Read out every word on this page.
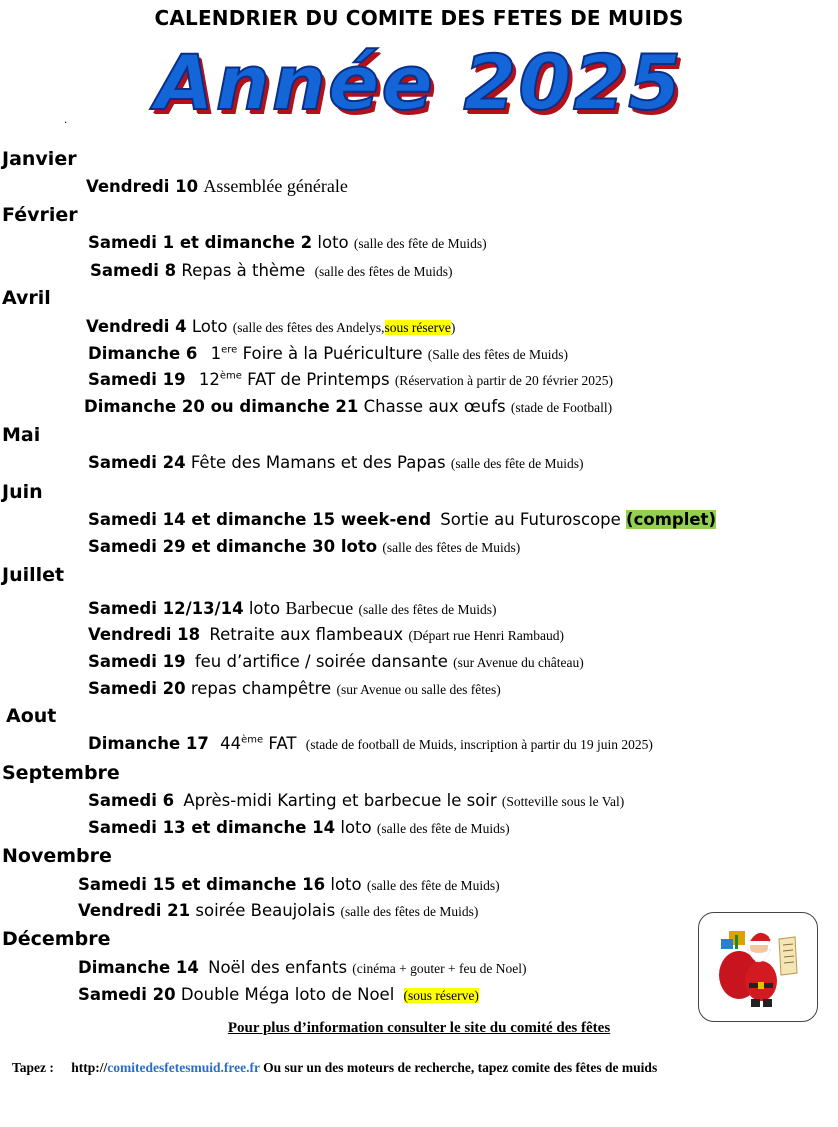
CALENDRIER DU COMITE DES FETES DE MUIDS
Année 2025
.
Janvier
Vendredi 10 Assemblée générale
Février
Samedi 1 et dimanche 2 loto (salle des fête de Muids)
Samedi 8 Repas à thème (salle des fêtes de Muids)
Avril
Vendredi 4 Loto (salle des fêtes des Andelys,sous réserve)
Dimanche 6 1ere Foire à la Puériculture (Salle des fêtes de Muids)
Samedi 19 12ème FAT de Printemps (Réservation à partir de 20 février 2025)
Dimanche 20 ou dimanche 21 Chasse aux œufs (stade de Football)
Mai
Samedi 24 Fête des Mamans et des Papas (salle des fête de Muids)
Juin
Samedi 14 et dimanche 15 week-end Sortie au Futuroscope (complet)
Samedi 29 et dimanche 30 loto (salle des fêtes de Muids)
Juillet
Samedi 12/13/14 loto Barbecue (salle des fêtes de Muids)
Vendredi 18 Retraite aux flambeaux (Départ rue Henri Rambaud)
Samedi 19 feu d’artifice / soirée dansante (sur Avenue du château)
Samedi 20 repas champêtre (sur Avenue ou salle des fêtes)
Aout
Dimanche 17 44ème FAT (stade de football de Muids, inscription à partir du 19 juin 2025)
Septembre
Samedi 6 Après-midi Karting et barbecue le soir (Sotteville sous le Val)
Samedi 13 et dimanche 14 loto (salle des fête de Muids)
Novembre
Samedi 15 et dimanche 16 loto (salle des fête de Muids)
Vendredi 21 soirée Beaujolais (salle des fêtes de Muids)
Décembre
Dimanche 14 Noël des enfants (cinéma + gouter + feu de Noel)
Samedi 20 Double Méga loto de Noel (sous réserve)
Pour plus d’information consulter le site du comité des fêtes
Tapez : http://comitedesfetesmuid.free.fr Ou sur un des moteurs de recherche, tapez comite des fêtes de muids
